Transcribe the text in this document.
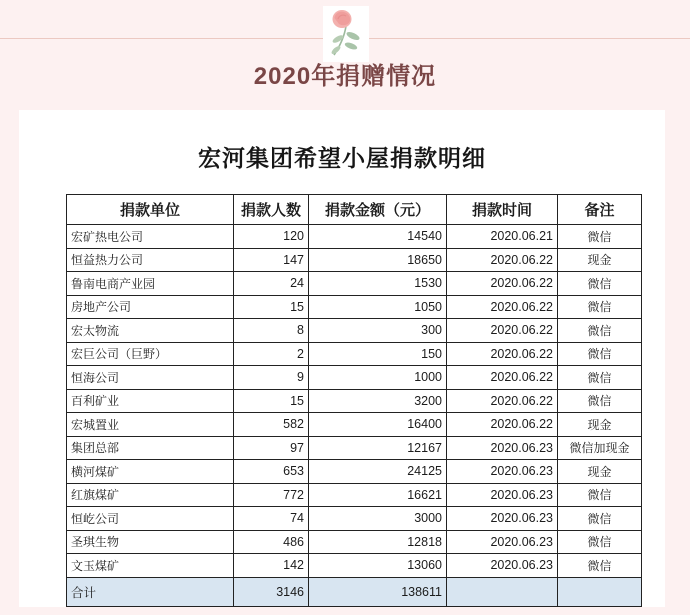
2020年捐赠情况
宏河集团希望小屋捐款明细
捐款单位	捐款人数	捐款金额（元）	捐款时间	备注
宏矿热电公司	120	14540	2020.06.21	微信
恒益热力公司	147	18650	2020.06.22	现金
鲁南电商产业园	24	1530	2020.06.22	微信
房地产公司	15	1050	2020.06.22	微信
宏太物流	8	300	2020.06.22	微信
宏巨公司（巨野）	2	150	2020.06.22	微信
恒海公司	9	1000	2020.06.22	微信
百利矿业	15	3200	2020.06.22	微信
宏城置业	582	16400	2020.06.22	现金
集团总部	97	12167	2020.06.23	微信加现金
横河煤矿	653	24125	2020.06.23	现金
红旗煤矿	772	16621	2020.06.23	微信
恒屹公司	74	3000	2020.06.23	微信
圣琪生物	486	12818	2020.06.23	微信
文玉煤矿	142	13060	2020.06.23	微信
合计	3146	138611		
